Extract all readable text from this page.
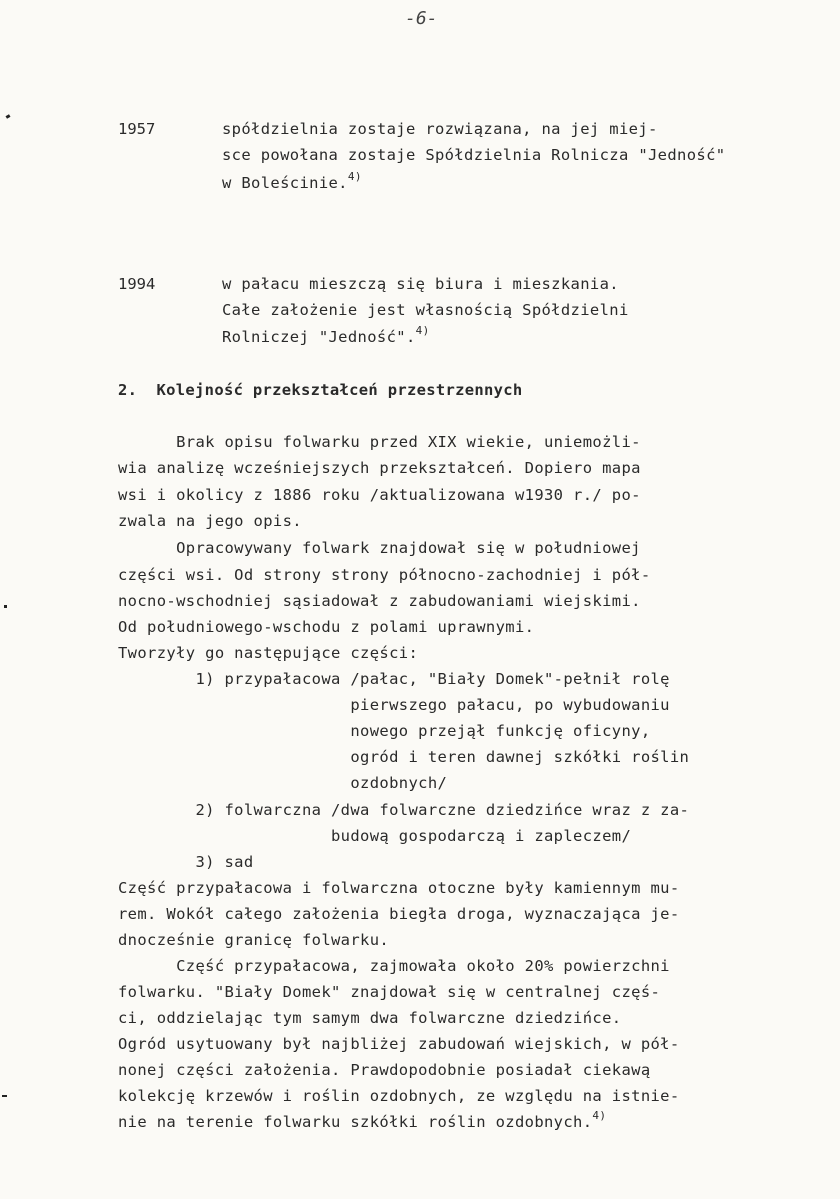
-6-
1957	spółdzielnia zostaje rozwiązana, na jej miej-
sce powołana zostaje Spółdzielnia Rolnicza "Jedność"
w Boleścinie.$^{4)}$
1994	w pałacu mieszczą się biura i mieszkania.
Całe założenie jest własnością Spółdzielni
Rolniczej "Jedność".$^{4)}$
2.  Kolejność przekształceń przestrzennych
Brak opisu folwarku przed XIX wiekie, uniemożli-
wia analizę wcześniejszych przekształceń. Dopiero mapa
wsi i okolicy z 1886 roku /aktualizowana w1930 r./ po-
zwala na jego opis.
Opracowywany folwark znajdował się w południowej
części wsi. Od strony strony północno-zachodniej i pół-
nocno-wschodniej sąsiadował z zabudowaniami wiejskimi.
Od południowego-wschodu z polami uprawnymi.
Tworzyły go następujące części:
1) przypałacowa /pałac, "Biały Domek"-pełnił rolę
pierwszego pałacu, po wybudowaniu
nowego przejął funkcję oficyny,
ogród i teren dawnej szkółki roślin
ozdobnych/
2) folwarczna /dwa folwarczne dziedzińce wraz z za-
budową gospodarczą i zapleczem/
3) sad
Część przypałacowa i folwarczna otoczne były kamiennym mu-
rem. Wokół całego założenia biegła droga, wyznaczająca je-
dnocześnie granicę folwarku.
Część przypałacowa, zajmowała około 20% powierzchni
folwarku. "Biały Domek" znajdował się w centralnej częś-
ci, oddzielając tym samym dwa folwarczne dziedzińce.
Ogród usytuowany był najbliżej zabudowań wiejskich, w pół-
nonej części założenia. Prawdopodobnie posiadał ciekawą
kolekcję krzewów i roślin ozdobnych, ze względu na istnie-
nie na terenie folwarku szkółki roślin ozdobnych.$^{4)}$
